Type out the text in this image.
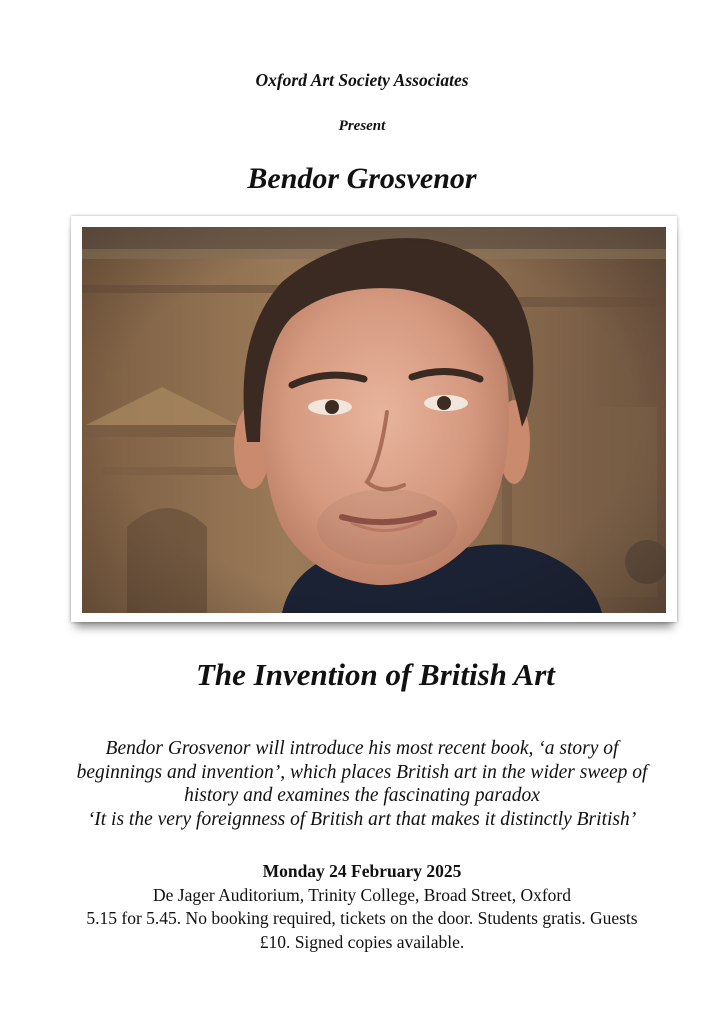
Oxford Art Society Associates

Present

Bendor Grosvenor

The Invention of British Art
Bendor Grosvenor will introduce his most recent book, ‘a story of
beginnings and invention’, which places British art in the wider sweep of
history and examines the fascinating paradox
‘It is the very foreignness of British art that makes it distinctly British’
Monday 24 February 2025
De Jager Auditorium, Trinity College, Broad Street, Oxford
5.15 for 5.45. No booking required, tickets on the door. Students gratis. Guests
£10. Signed copies available.
